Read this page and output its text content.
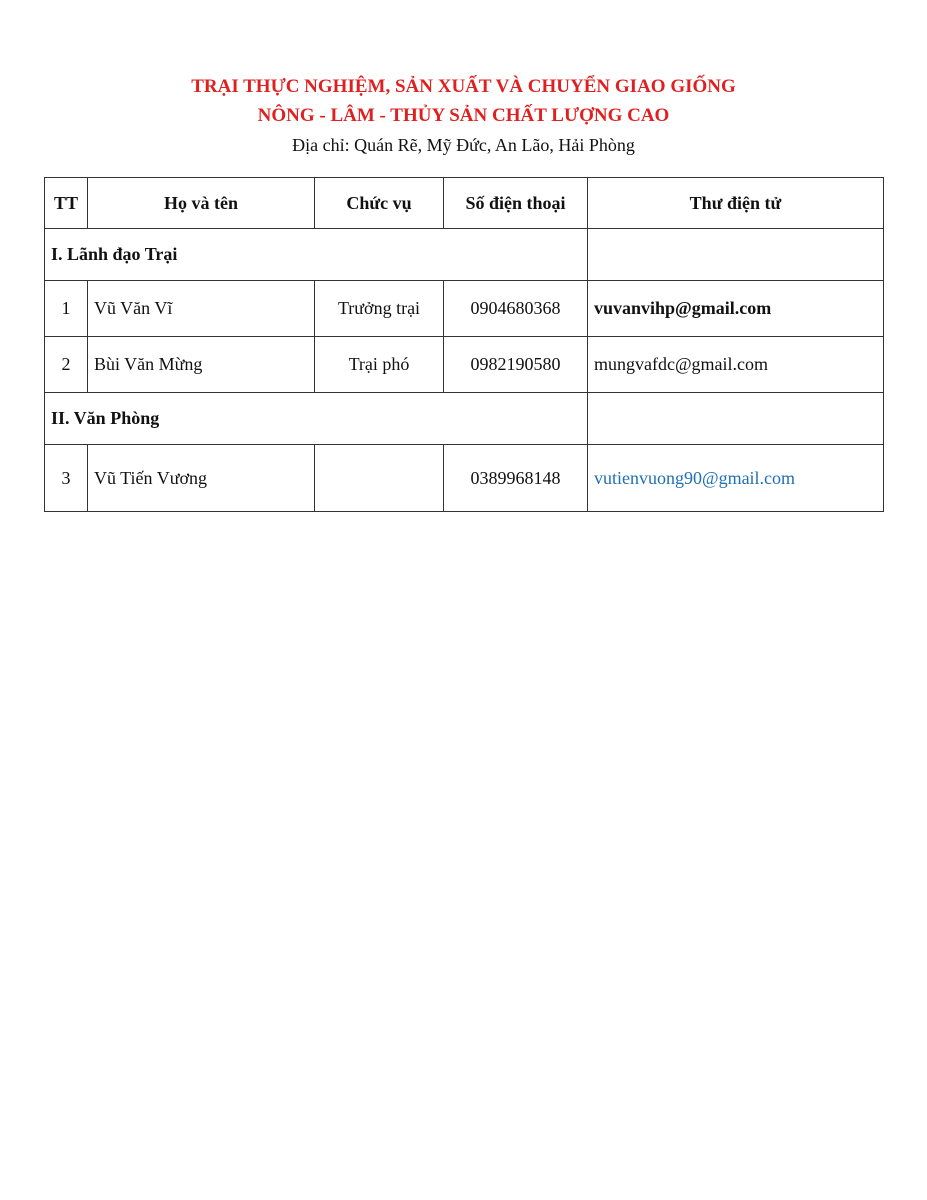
TRẠI THỰC NGHIỆM, SẢN XUẤT VÀ CHUYỂN GIAO GIỐNG

NÔNG - LÂM - THỦY SẢN CHẤT LƯỢNG CAO

Địa chỉ: Quán Rẽ, Mỹ Đức, An Lão, Hải Phòng

TT	Họ và tên	Chức vụ	Số điện thoại	Thư điện tử
I. Lãnh đạo Trại				
1	Vũ Văn Vĩ	Trưởng trại	0904680368	vuvanvihp@gmail.com
2	Bùi Văn Mừng	Trại phó	0982190580	mungvafdc@gmail.com
II. Văn Phòng				
3	Vũ Tiến Vương		0389968148	vutienvuong90@gmail.com
